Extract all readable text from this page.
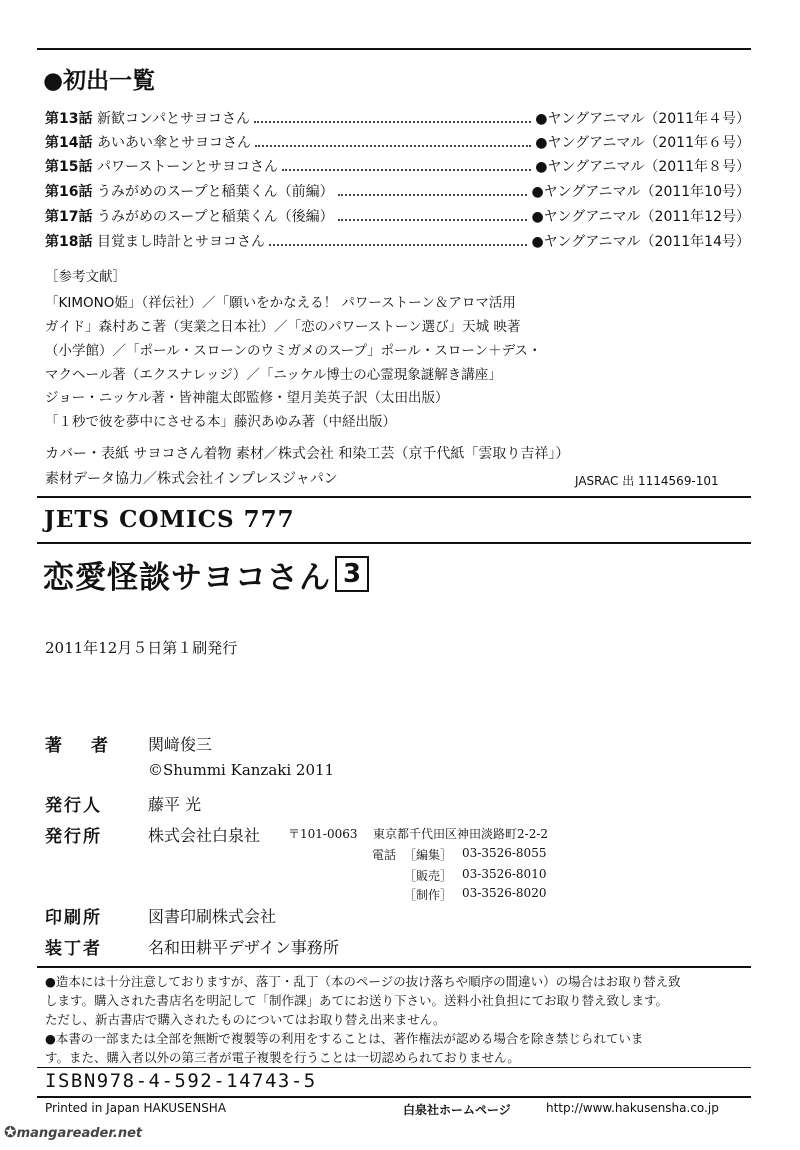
●初出一覧
第13話 新歓コンパとサヨコさん	●ヤングアニマル（2011年４号）
第14話 あいあい傘とサヨコさん	●ヤングアニマル（2011年６号）
第15話 パワーストーンとサヨコさん	●ヤングアニマル（2011年８号）
第16話 うみがめのスープと稲葉くん（前編）	●ヤングアニマル（2011年10号）
第17話 うみがめのスープと稲葉くん（後編）	●ヤングアニマル（2011年12号）
第18話 目覚まし時計とサヨコさん	●ヤングアニマル（2011年14号）
［参考文献］
「KIMONO姫」（祥伝社）／「願いをかなえる！ パワーストーン＆アロマ活用
ガイド」森村あこ著（実業之日本社）／「恋のパワーストーン選び」天城 映著
（小学館）／「ポール・スローンのウミガメのスープ」ポール・スローン＋デス・
マクヘール著（エクスナレッジ）／「ニッケル博士の心霊現象謎解き講座」
ジョー・ニッケル著・皆神龍太郎監修・望月美英子訳（太田出版）
「１秒で彼を夢中にさせる本」藤沢あゆみ著（中経出版）
カバー・表紙 サヨコさん着物 素材／株式会社 和染工芸（京千代紙「雲取り吉祥」）
素材データ協力／株式会社インプレスジャパン	JASRAC 出 1114569-101
JETS COMICS 777
恋愛怪談サヨコさん 3
2011年12月５日第１刷発行
著　者 関﨑俊三
©Shummi Kanzaki 2011
発行人	藤平 光
発行所	株式会社白泉社 〒101-0063 東京都千代田区神田淡路町2-2-2
電話 ［編集］ 03-3526-8055
［販売］ 03-3526-8010
［制作］ 03-3526-8020
印刷所	図書印刷株式会社
装丁者	名和田耕平デザイン事務所
●造本には十分注意しておりますが、落丁・乱丁（本のページの抜け落ちや順序の間違い）の場合はお取り替え致
します。購入された書店名を明記して「制作課」あてにお送り下さい。送料小社負担にてお取り替え致します。
ただし、新古書店で購入されたものについてはお取り替え出来ません。
●本書の一部または全部を無断で複製等の利用をすることは、著作権法が認める場合を除き禁じられていま
す。また、購入者以外の第三者が電子複製を行うことは一切認められておりません。
ISBN978-4-592-14743-5
Printed in Japan HAKUSENSHA	白泉社ホームページ	http://www.hakusensha.co.jp
✪mangareader.net
